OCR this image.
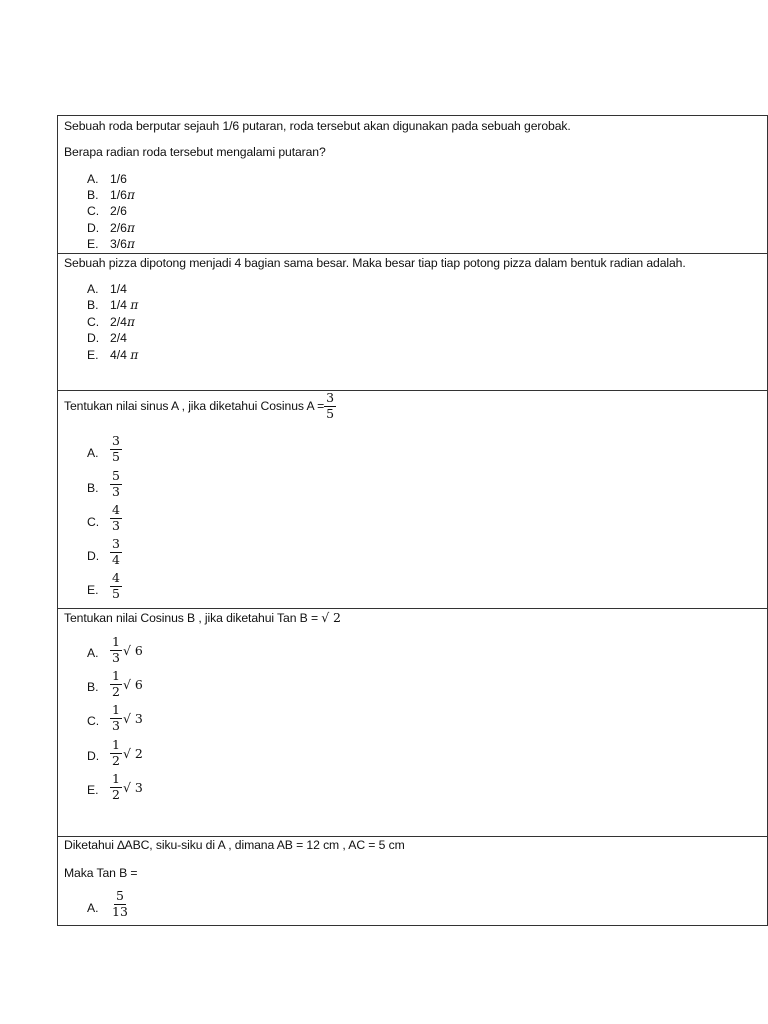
Sebuah roda berputar sejauh 1/6 putaran, roda tersebut akan digunakan pada sebuah gerobak.
Berapa radian roda tersebut mengalami putaran?
A. 1/6
B. 1/6π
C. 2/6
D. 2/6π
E. 3/6π
Sebuah pizza dipotong menjadi 4 bagian sama besar. Maka besar tiap tiap potong pizza dalam bentuk radian adalah.
A. 1/4
B. 1/4 π
C. 2/4π
D. 2/4
E. 4/4 π
Tentukan nilai sinus A , jika diketahui Cosinus $A = \frac{3}{5}$
A. $\frac{3}{5}$
B. $\frac{5}{3}$
C. $\frac{4}{3}$
D. $\frac{3}{4}$
E. $\frac{4}{5}$
Tentukan nilai Cosinus B , jika diketahui Tan B = √ 2
A. $\frac{1}{3}$ √ 6
B. $\frac{1}{2}$ √ 6
C. $\frac{1}{3}$ √ 3
D. $\frac{1}{2}$ √ 2
E. $\frac{1}{2}$ √ 3
Diketahui ∆ABC, siku-siku di A , dimana AB = 12 cm , AC = 5 cm
Maka Tan B =
A. $\frac{5}{13}$
